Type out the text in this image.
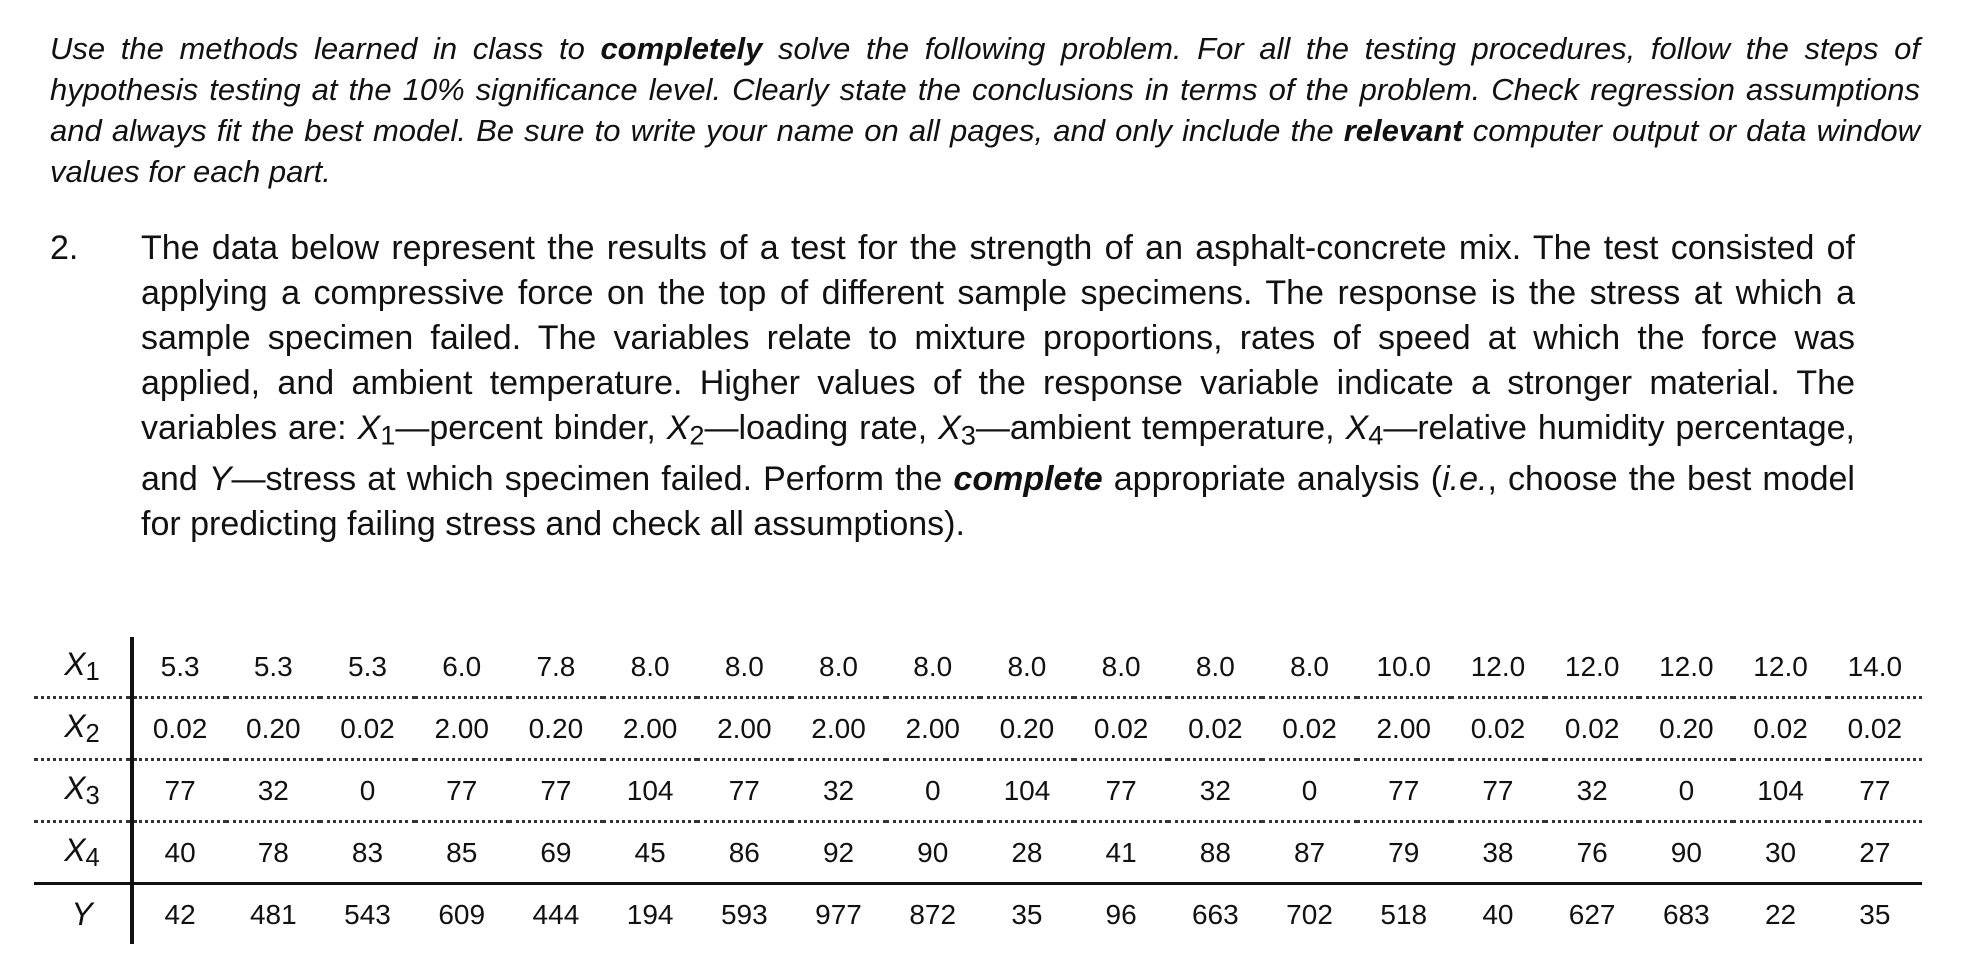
Use the methods learned in class to completely solve the following problem. For all the testing procedures, follow the steps of hypothesis testing at the 10% significance level. Clearly state the conclusions in terms of the problem. Check regression assumptions and always fit the best model. Be sure to write your name on all pages, and only include the relevant computer output or data window values for each part.

2. The data below represent the results of a test for the strength of an asphalt-concrete mix. The test consisted of applying a compressive force on the top of different sample specimens. The response is the stress at which a sample specimen failed. The variables relate to mixture proportions, rates of speed at which the force was applied, and ambient temperature. Higher values of the response variable indicate a stronger material. The variables are: $X_1—percent$ binder, $X_2—loading$ rate, $X_3—ambient$ temperature, $X_4—relative$ humidity percentage, and Y—stress at which specimen failed. Perform the complete appropriate analysis (i.e., choose the best model for predicting failing stress and check all assumptions).

$X_1$	5.3	5.3	5.3	6.0	7.8	8.0	8.0	8.0	8.0	8.0	8.0	8.0	8.0	10.0	12.0	12.0	12.0	12.0	14.0
$X_2$	0.02	0.20	0.02	2.00	0.20	2.00	2.00	2.00	2.00	0.20	0.02	0.02	0.02	2.00	0.02	0.02	0.20	0.02	0.02
$X_3$	77	32	0	77	77	104	77	32	0	104	77	32	0	77	77	32	0	104	77
$X_4$	40	78	83	85	69	45	86	92	90	28	41	88	87	79	38	76	90	30	27
Y	42	481	543	609	444	194	593	977	872	35	96	663	702	518	40	627	683	22	35
